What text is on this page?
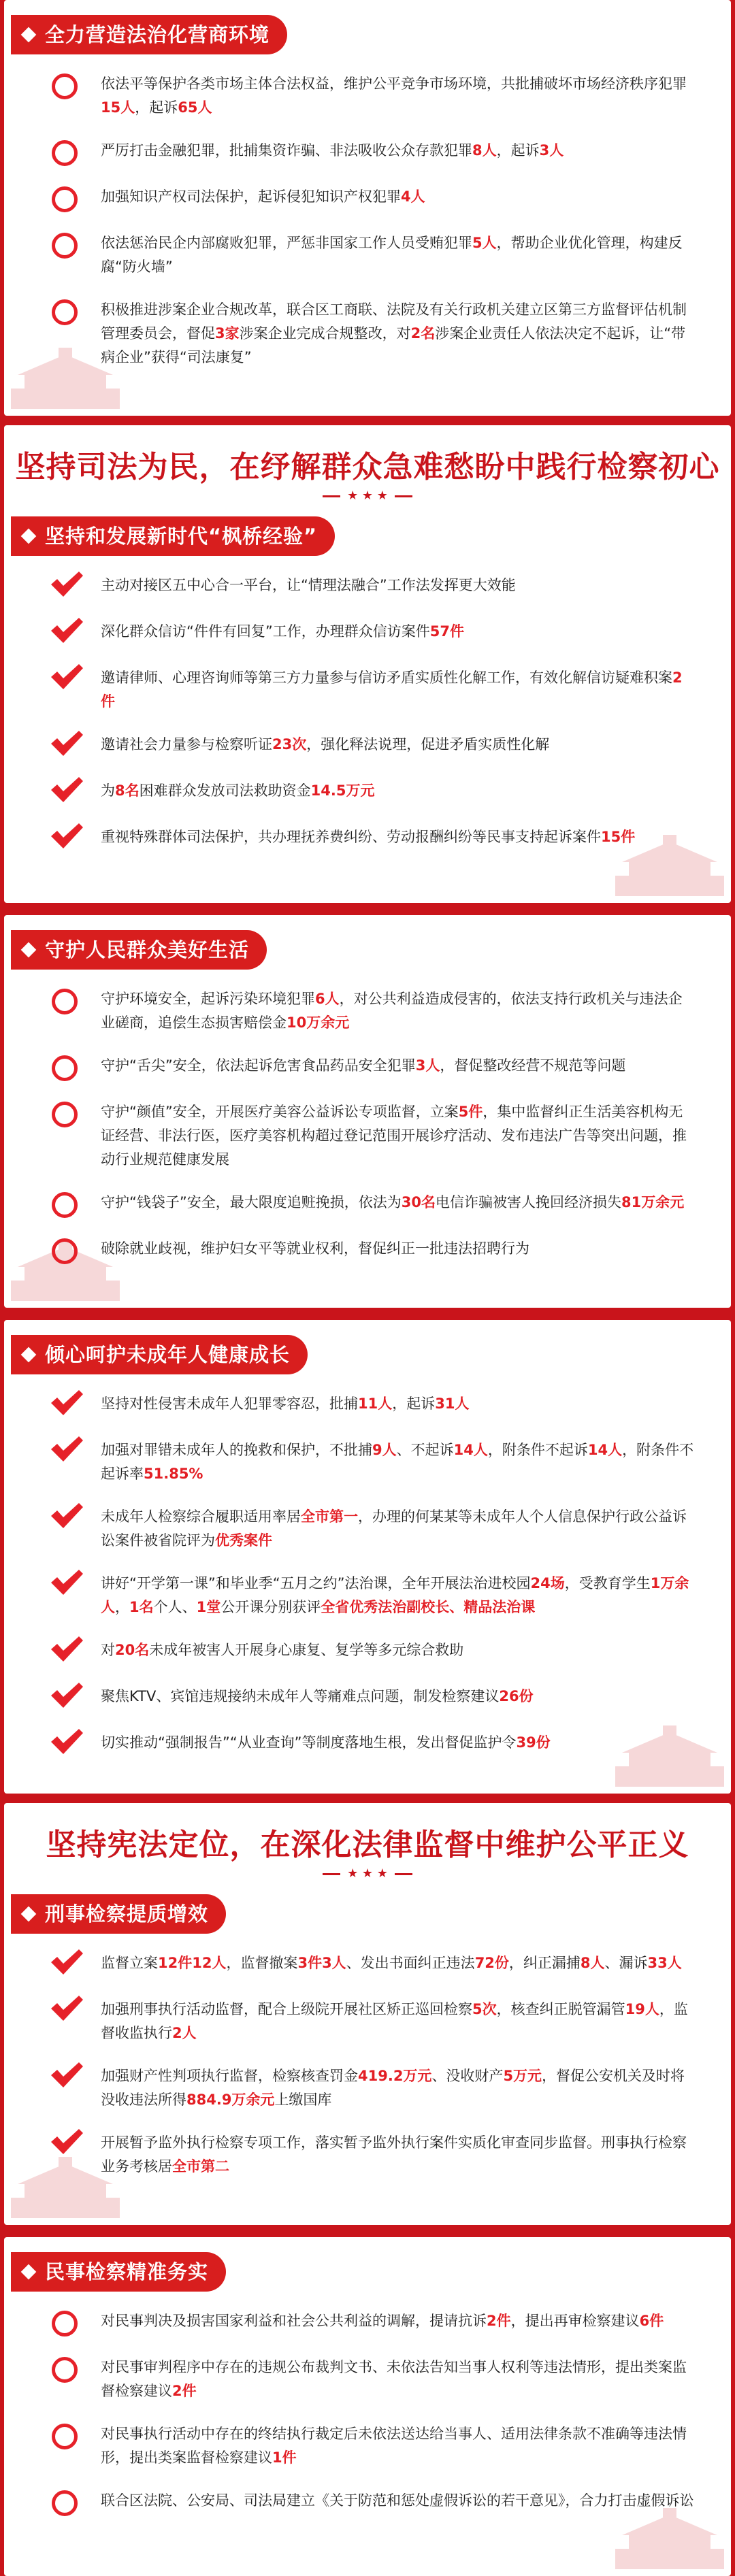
全力营造法治化营商环境
依法平等保护各类市场主体合法权益，维护公平竞争市场环境，共批捕破坏市场经济秩序犯罪15人，起诉65人
严厉打击金融犯罪，批捕集资诈骗、非法吸收公众存款犯罪8人，起诉3人
加强知识产权司法保护，起诉侵犯知识产权犯罪4人
依法惩治民企内部腐败犯罪，严惩非国家工作人员受贿犯罪5人，帮助企业优化管理，构建反腐“防火墙”
积极推进涉案企业合规改革，联合区工商联、法院及有关行政机关建立区第三方监督评估机制管理委员会，督促3家涉案企业完成合规整改，对2名涉案企业责任人依法决定不起诉，让“带病企业”获得“司法康复”
坚持司法为民，在纾解群众急难愁盼中践行检察初心
★ ★ ★
坚持和发展新时代“枫桥经验”
主动对接区五中心合一平台，让“情理法融合”工作法发挥更大效能
深化群众信访“件件有回复”工作，办理群众信访案件57件
邀请律师、心理咨询师等第三方力量参与信访矛盾实质性化解工作，有效化解信访疑难积案2件
邀请社会力量参与检察听证23次，强化释法说理，促进矛盾实质性化解
为8名困难群众发放司法救助资金14.5万元
重视特殊群体司法保护，共办理抚养费纠纷、劳动报酬纠纷等民事支持起诉案件15件
守护人民群众美好生活
守护环境安全，起诉污染环境犯罪6人，对公共利益造成侵害的，依法支持行政机关与违法企业磋商，追偿生态损害赔偿金10万余元
守护“舌尖”安全，依法起诉危害食品药品安全犯罪3人，督促整改经营不规范等问题
守护“颜值”安全，开展医疗美容公益诉讼专项监督，立案5件，集中监督纠正生活美容机构无证经营、非法行医，医疗美容机构超过登记范围开展诊疗活动、发布违法广告等突出问题，推动行业规范健康发展
守护“钱袋子”安全，最大限度追赃挽损，依法为30名电信诈骗被害人挽回经济损失81万余元
破除就业歧视，维护妇女平等就业权利，督促纠正一批违法招聘行为
倾心呵护未成年人健康成长
坚持对性侵害未成年人犯罪零容忍，批捕11人，起诉31人
加强对罪错未成年人的挽救和保护，不批捕9人、不起诉14人，附条件不起诉14人，附条件不起诉率51.85%
未成年人检察综合履职适用率居全市第一，办理的何某某等未成年人个人信息保护行政公益诉讼案件被省院评为优秀案件
讲好“开学第一课”和毕业季“五月之约”法治课，全年开展法治进校园24场，受教育学生1万余人，1名个人、1堂公开课分别获评全省优秀法治副校长、精品法治课
对20名未成年被害人开展身心康复、复学等多元综合救助
聚焦KTV、宾馆违规接纳未成年人等痛难点问题，制发检察建议26份
切实推动“强制报告”“从业查询”等制度落地生根，发出督促监护令39份
坚持宪法定位，在深化法律监督中维护公平正义
★ ★ ★
刑事检察提质增效
监督立案12件12人，监督撤案3件3人、发出书面纠正违法72份，纠正漏捕8人、漏诉33人
加强刑事执行活动监督，配合上级院开展社区矫正巡回检察5次，核查纠正脱管漏管19人，监督收监执行2人
加强财产性判项执行监督，检察核查罚金419.2万元、没收财产5万元，督促公安机关及时将没收违法所得884.9万余元上缴国库
开展暂予监外执行检察专项工作，落实暂予监外执行案件实质化审查同步监督。刑事执行检察业务考核居全市第二
民事检察精准务实
对民事判决及损害国家利益和社会公共利益的调解，提请抗诉2件，提出再审检察建议6件
对民事审判程序中存在的违规公布裁判文书、未依法告知当事人权利等违法情形，提出类案监督检察建议2件
对民事执行活动中存在的终结执行裁定后未依法送达给当事人、适用法律条款不准确等违法情形，提出类案监督检察建议1件
联合区法院、公安局、司法局建立《关于防范和惩处虚假诉讼的若干意见》，合力打击虚假诉讼
